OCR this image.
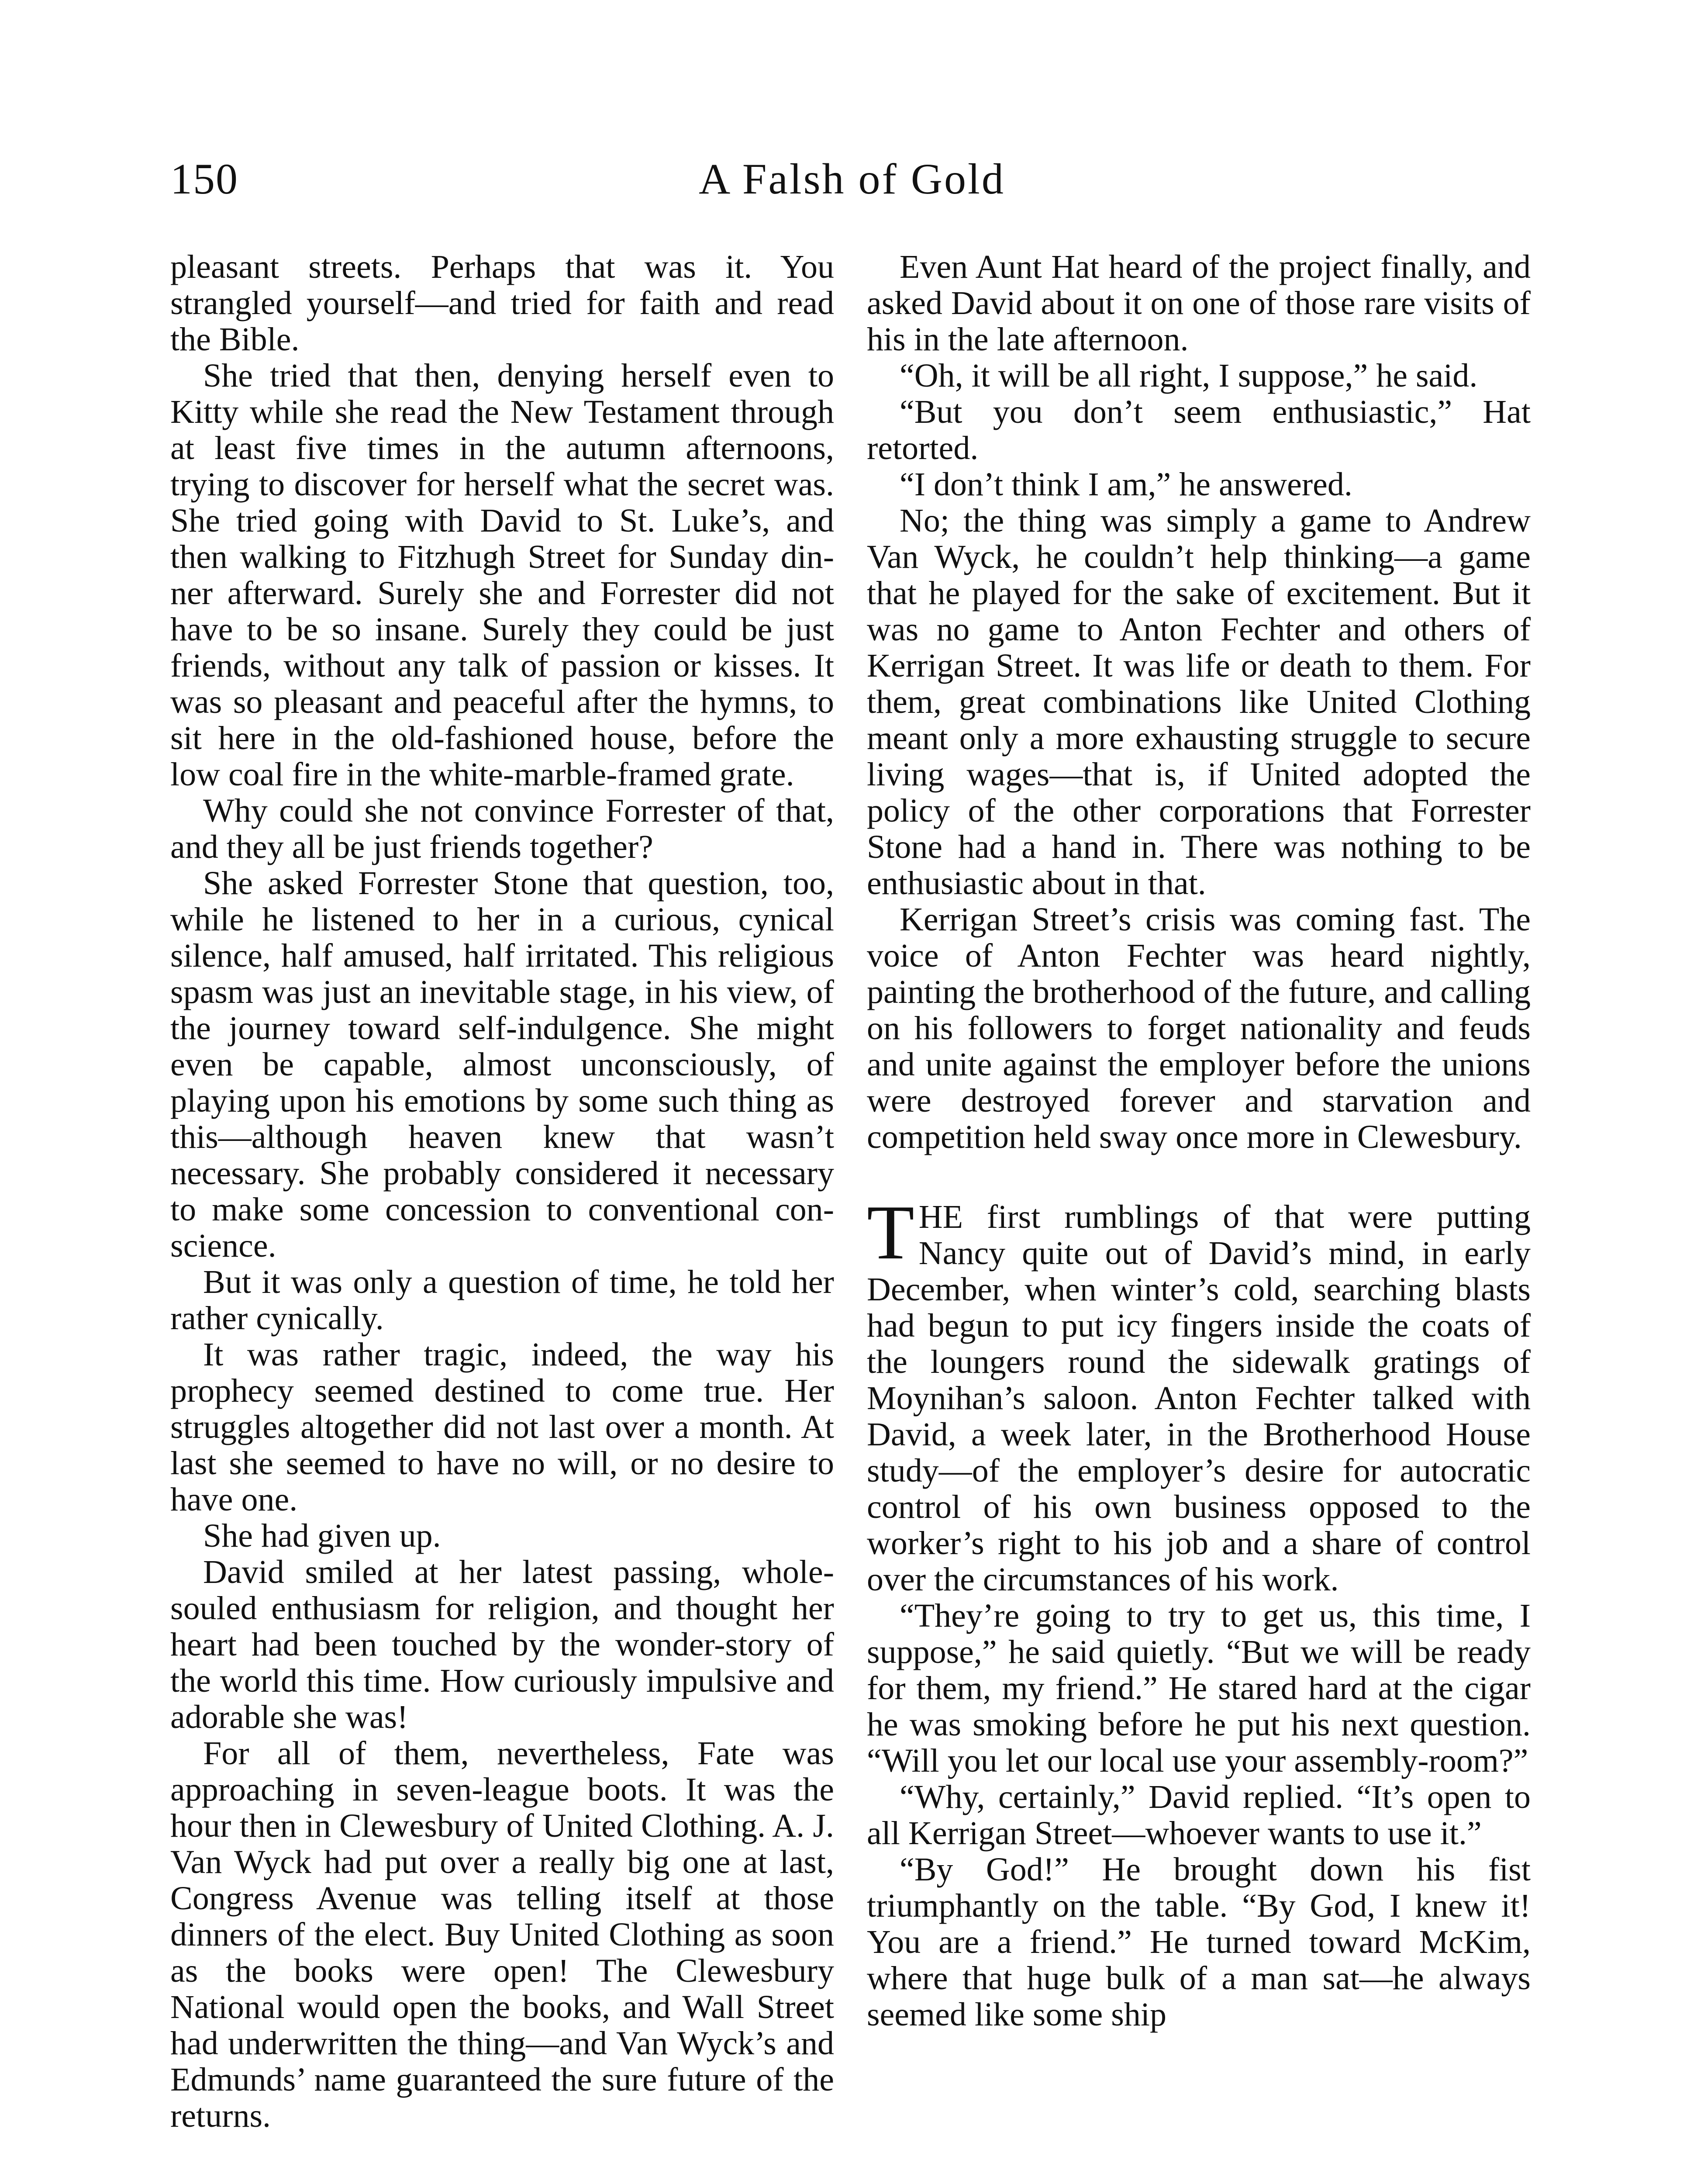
150	A Falsh of Gold

pleasant streets. Perhaps that was it. You strangled yourself—and tried for faith and read the Bible.

She tried that then, denying herself even to Kitty while she read the New Testament through at least five times in the autumn afternoons, trying to discover for herself what the secret was. She tried going with David to St. Luke’s, and then walking to Fitzhugh Street for Sunday dinner afterward. Surely she and Forrester did not have to be so insane. Surely they could be just friends, without any talk of passion or kisses. It was so pleasant and peaceful after the hymns, to sit here in the old-fashioned house, before the low coal fire in the white-marble-framed grate.

Why could she not convince Forrester of that, and they all be just friends together?

She asked Forrester Stone that question, too, while he listened to her in a curious, cynical silence, half amused, half irritated. This religious spasm was just an inevitable stage, in his view, of the journey toward self-indulgence. She might even be capable, almost unconsciously, of playing upon his emotions by some such thing as this—although heaven knew that wasn’t necessary. She probably considered it necessary to make some concession to conventional conscience.

But it was only a question of time, he told her rather cynically.

It was rather tragic, indeed, the way his prophecy seemed destined to come true. Her struggles altogether did not last over a month. At last she seemed to have no will, or no desire to have one.

She had given up.

David smiled at her latest passing, whole-souled enthusiasm for religion, and thought her heart had been touched by the wonder-story of the world this time. How curiously impulsive and adorable she was!

For all of them, nevertheless, Fate was approaching in seven-league boots. It was the hour then in Clewesbury of United Clothing. A. J. Van Wyck had put over a really big one at last, Congress Avenue was telling itself at those dinners of the elect. Buy United Clothing as soon as the books were open! The Clewesbury National would open the books, and Wall Street had underwritten the thing—and Van Wyck’s and Edmunds’ name guaranteed the sure future of the returns.

Even Aunt Hat heard of the project finally, and asked David about it on one of those rare visits of his in the late afternoon.

“Oh, it will be all right, I suppose,” he said.

“But you don’t seem enthusiastic,” Hat retorted.

“I don’t think I am,” he answered.

No; the thing was simply a game to Andrew Van Wyck, he couldn’t help thinking—a game that he played for the sake of excitement. But it was no game to Anton Fechter and others of Kerrigan Street. It was life or death to them. For them, great combinations like United Clothing meant only a more exhausting struggle to secure living wages—that is, if United adopted the policy of the other corporations that Forrester Stone had a hand in. There was nothing to be enthusiastic about in that.

Kerrigan Street’s crisis was coming fast. The voice of Anton Fechter was heard nightly, painting the brotherhood of the future, and calling on his followers to forget nationality and feuds and unite against the employer before the unions were destroyed forever and starvation and competition held sway once more in Clewesbury.

THE first rumblings of that were putting Nancy quite out of David’s mind, in early December, when winter’s cold, searching blasts had begun to put icy fingers inside the coats of the loungers round the sidewalk gratings of Moynihan’s saloon. Anton Fechter talked with David, a week later, in the Brotherhood House study—of the employer’s desire for autocratic control of his own business opposed to the worker’s right to his job and a share of control over the circumstances of his work.

“They’re going to try to get us, this time, I suppose,” he said quietly. “But we will be ready for them, my friend.” He stared hard at the cigar he was smoking before he put his next question. “Will you let our local use your assembly-room?”

“Why, certainly,” David replied. “It’s open to all Kerrigan Street—whoever wants to use it.”

“By God!” He brought down his fist triumphantly on the table. “By God, I knew it! You are a friend.” He turned toward McKim, where that huge bulk of a man sat—he always seemed like some ship
